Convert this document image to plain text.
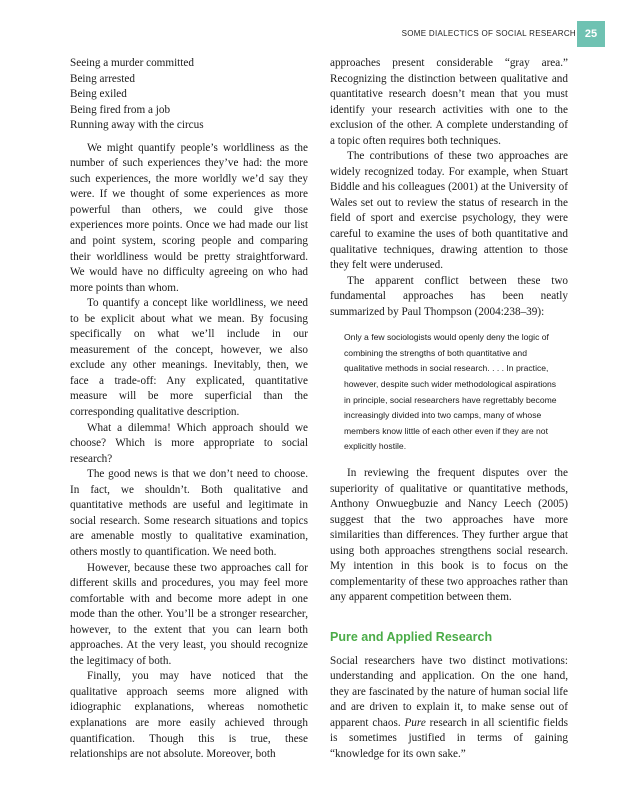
SOME DIALECTICS OF SOCIAL RESEARCH 25
Seeing a murder committed
Being arrested
Being exiled
Being fired from a job
Running away with the circus

We might quantify people’s worldliness as the number of such experiences they’ve had: the more such experiences, the more worldly we’d say they were. If we thought of some experiences as more powerful than others, we could give those experiences more points. Once we had made our list and point system, scoring people and comparing their worldliness would be pretty straightforward. We would have no difficulty agreeing on who had more points than whom.

To quantify a concept like worldliness, we need to be explicit about what we mean. By focusing specifically on what we’ll include in our measurement of the concept, however, we also exclude any other meanings. Inevitably, then, we face a trade-off: Any explicated, quantitative measure will be more superficial than the corresponding qualitative description.

What a dilemma! Which approach should we choose? Which is more appropriate to social research?

The good news is that we don’t need to choose. In fact, we shouldn’t. Both qualitative and quantitative methods are useful and legitimate in social research. Some research situations and topics are amenable mostly to qualitative examination, others mostly to quantification. We need both.

However, because these two approaches call for different skills and procedures, you may feel more comfortable with and become more adept in one mode than the other. You’ll be a stronger researcher, however, to the extent that you can learn both approaches. At the very least, you should recognize the legitimacy of both.

Finally, you may have noticed that the qualitative approach seems more aligned with idiographic explanations, whereas nomothetic explanations are more easily achieved through quantification. Though this is true, these relationships are not absolute. Moreover, both

approaches present considerable “gray area.” Recognizing the distinction between qualitative and quantitative research doesn’t mean that you must identify your research activities with one to the exclusion of the other. A complete understanding of a topic often requires both techniques.

The contributions of these two approaches are widely recognized today. For example, when Stuart Biddle and his colleagues (2001) at the University of Wales set out to review the status of research in the field of sport and exercise psychology, they were careful to examine the uses of both quantitative and qualitative techniques, drawing attention to those they felt were underused.

The apparent conflict between these two fundamental approaches has been neatly summarized by Paul Thompson (2004:238–39):

Only a few sociologists would openly deny the logic of combining the strengths of both quantitative and qualitative methods in social research. . . . In practice, however, despite such wider methodological aspirations in principle, social researchers have regrettably become increasingly divided into two camps, many of whose members know little of each other even if they are not explicitly hostile.

In reviewing the frequent disputes over the superiority of qualitative or quantitative methods, Anthony Onwuegbuzie and Nancy Leech (2005) suggest that the two approaches have more similarities than differences. They further argue that using both approaches strengthens social research. My intention in this book is to focus on the complementarity of these two approaches rather than any apparent competition between them.

Pure and Applied Research

Social researchers have two distinct motivations: understanding and application. On the one hand, they are fascinated by the nature of human social life and are driven to explain it, to make sense out of apparent chaos. Pure research in all scientific fields is sometimes justified in terms of gaining “knowledge for its own sake.”
